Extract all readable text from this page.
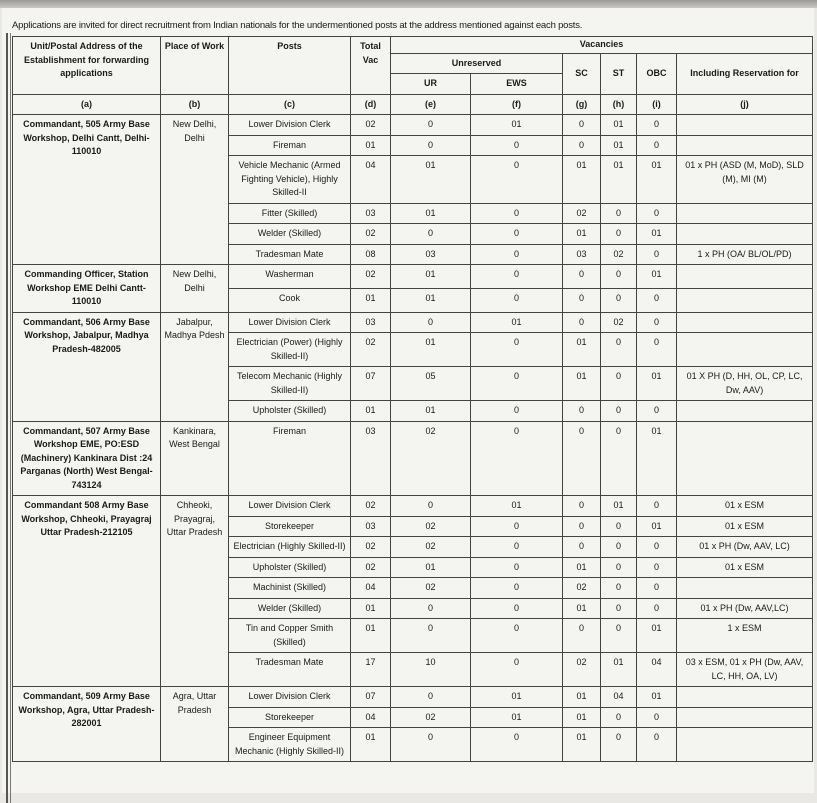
Applications are invited for direct recruitment from Indian nationals for the undermentioned posts at the address mentioned against each posts.
Unit/Postal Address of the Establishment for forwarding applications	Place of Work	Posts	Total Vac	Vacancies					
				Unreserved		SC	ST	OBC	Including Reservation for
				UR	EWS				
(a)	(b)	(c)	(d)	(e)	(f)	(g)	(h)	(i)	(j)
Commandant, 505 Army Base Workshop, Delhi Cantt, Delhi-110010	New Delhi, Delhi	Lower Division Clerk	02	0	01	0	01	0	
		Fireman	01	0	0	0	01	0	
		Vehicle Mechanic (Armed Fighting Vehicle), Highly Skilled-II	04	01	0	01	01	01	01 x PH (ASD (M, MoD), SLD (M), MI (M)
		Fitter (Skilled)	03	01	0	02	0	0	
		Welder (Skilled)	02	0	0	01	0	01	
		Tradesman Mate	08	03	0	03	02	0	1 x PH (OA/ BL/OL/PD)
Commanding Officer, Station Workshop EME Delhi Cantt-110010	New Delhi, Delhi	Washerman	02	01	0	0	0	01	
		Cook	01	01	0	0	0	0	
Commandant, 506 Army Base Workshop, Jabalpur, Madhya Pradesh-482005	Jabalpur, Madhya Pdesh	Lower Division Clerk	03	0	01	0	02	0	
		Electrician (Power) (Highly Skilled-II)	02	01	0	01	0	0	
		Telecom Mechanic (Highly Skilled-II)	07	05	0	01	0	01	01 X PH (D, HH, OL, CP, LC, Dw, AAV)
		Upholster (Skilled)	01	01	0	0	0	0	
Commandant, 507 Army Base Workshop EME, PO:ESD (Machinery) Kankinara Dist :24 Parganas (North) West Bengal-743124	Kankinara, West Bengal	Fireman	03	02	0	0	0	01	
Commandant 508 Army Base Workshop, Chheoki, Prayagraj Uttar Pradesh-212105	Chheoki, Prayagraj, Uttar Pradesh	Lower Division Clerk	02	0	01	0	01	0	01 x ESM
		Storekeeper	03	02	0	0	0	01	01 x ESM
		Electrician (Highly Skilled-II)	02	02	0	0	0	0	01 x PH (Dw, AAV, LC)
		Upholster (Skilled)	02	01	0	01	0	0	01 x ESM
		Machinist (Skilled)	04	02	0	02	0	0	
		Welder (Skilled)	01	0	0	01	0	0	01 x PH (Dw, AAV,LC)
		Tin and Copper Smith (Skilled)	01	0	0	0	0	01	1 x ESM
		Tradesman Mate	17	10	0	02	01	04	03 x ESM, 01 x PH (Dw, AAV, LC, HH, OA, LV)
Commandant, 509 Army Base Workshop, Agra, Uttar Pradesh- 282001	Agra, Uttar Pradesh	Lower Division Clerk	07	0	01	01	04	01	
		Storekeeper	04	02	01	01	0	0	
		Engineer Equipment Mechanic (Highly Skilled-II)	01	0	0	01	0	0	
